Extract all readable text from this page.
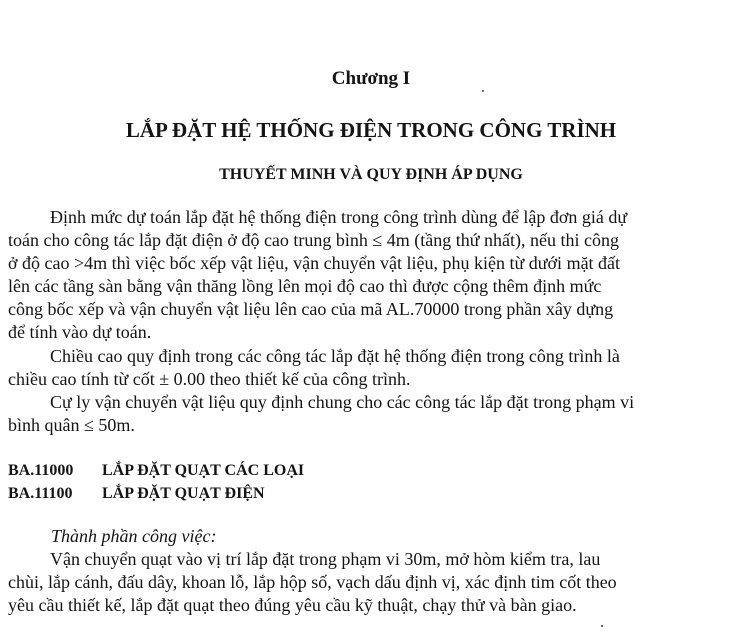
Chương I
LẮP ĐẶT HỆ THỐNG ĐIỆN TRONG CÔNG TRÌNH
THUYẾT MINH VÀ QUY ĐỊNH ÁP DỤNG

Định mức dự toán lắp đặt hệ thống điện trong công trình dùng để lập đơn giá dự
toán cho công tác lắp đặt điện ở độ cao trung bình ≤ 4m (tầng thứ nhất), nếu thi công
ở độ cao >4m thì việc bốc xếp vật liệu, vận chuyển vật liệu, phụ kiện từ dưới mặt đất
lên các tầng sàn bằng vận thăng lồng lên mọi độ cao thì được cộng thêm định mức
công bốc xếp và vận chuyển vật liệu lên cao của mã AL.70000 trong phần xây dựng
để tính vào dự toán.

Chiều cao quy định trong các công tác lắp đặt hệ thống điện trong công trình là
chiều cao tính từ cốt ± 0.00 theo thiết kế của công trình.

Cự ly vận chuyển vật liệu quy định chung cho các công tác lắp đặt trong phạm vi
bình quân ≤ 50m.

BA.11000 LẮP ĐẶT QUẠT CÁC LOẠI
BA.11100 LẮP ĐẶT QUẠT ĐIỆN
Thành phần công việc:

Vận chuyển quạt vào vị trí lắp đặt trong phạm vi 30m, mở hòm kiểm tra, lau
chùi, lắp cánh, đấu dây, khoan lỗ, lắp hộp số, vạch dấu định vị, xác định tim cốt theo
yêu cầu thiết kế, lắp đặt quạt theo đúng yêu cầu kỹ thuật, chạy thử và bàn giao.
